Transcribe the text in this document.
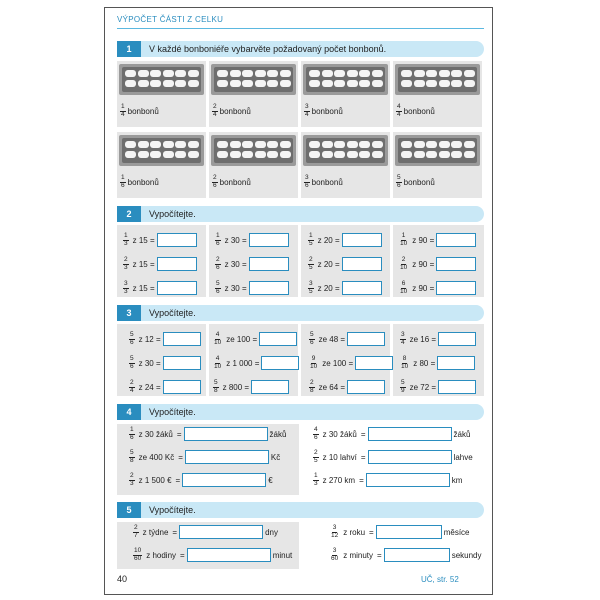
VÝPOČET ČÁSTI Z CELKU
1	V každé bonboniéře vybarvěte požadovaný počet bonbonů.
2	Vypočítejte.
3	Vypočítejte.
4	Vypočítejte.
5	Vypočítejte.
$\frac{1}{4}$ bonbonů	$\frac{2}{4}$ bonbonů	$\frac{3}{4}$ bonbonů	$\frac{4}{4}$ bonbonů
$\frac{1}{6}$ bonbonů	$\frac{2}{6}$ bonbonů	$\frac{3}{6}$ bonbonů	$\frac{5}{6}$ bonbonů
$\frac{1}{3}$ z 15 =	$\frac{1}{6}$ z 30 =	$\frac{1}{5}$ z 20 =	$\frac{1}{10}$ z 90 =
$\frac{2}{3}$ z 15 =	$\frac{2}{6}$ z 30 =	$\frac{2}{5}$ z 20 =	$\frac{2}{10}$ z 90 =
$\frac{3}{3}$ z 15 =	$\frac{5}{6}$ z 30 =	$\frac{3}{5}$ z 20 =	$\frac{6}{10}$ z 90 =
$\frac{5}{6}$ z 12 =	$\frac{4}{10}$ ze 100 =	$\frac{5}{6}$ ze 48 =	$\frac{3}{4}$ ze 16 =
$\frac{5}{6}$ z 30 =	$\frac{4}{10}$ z 1 000 =	$\frac{9}{10}$ ze 100 =	$\frac{8}{10}$ z 80 =
$\frac{2}{4}$ z 24 =	$\frac{5}{8}$ z 800 =	$\frac{2}{8}$ ze 64 =	$\frac{5}{9}$ ze 72 =
$\frac{1}{6}$ z 30 žáků =	žáků
$\frac{5}{8}$ ze 400 Kč =	Kč
$\frac{2}{3}$ z 1 500 € =	€
$\frac{4}{6}$ z 30 žáků =	žáků
$\frac{2}{5}$ z 10 lahví =	lahve
$\frac{1}{3}$ z 270 km =	km
$\frac{2}{7}$ z týdne =	dny
$\frac{10}{60}$ z hodiny =	minut
$\frac{3}{12}$ z roku =	měsíce
$\frac{3}{60}$ z minuty =	sekundy
40	UČ, str. 52
